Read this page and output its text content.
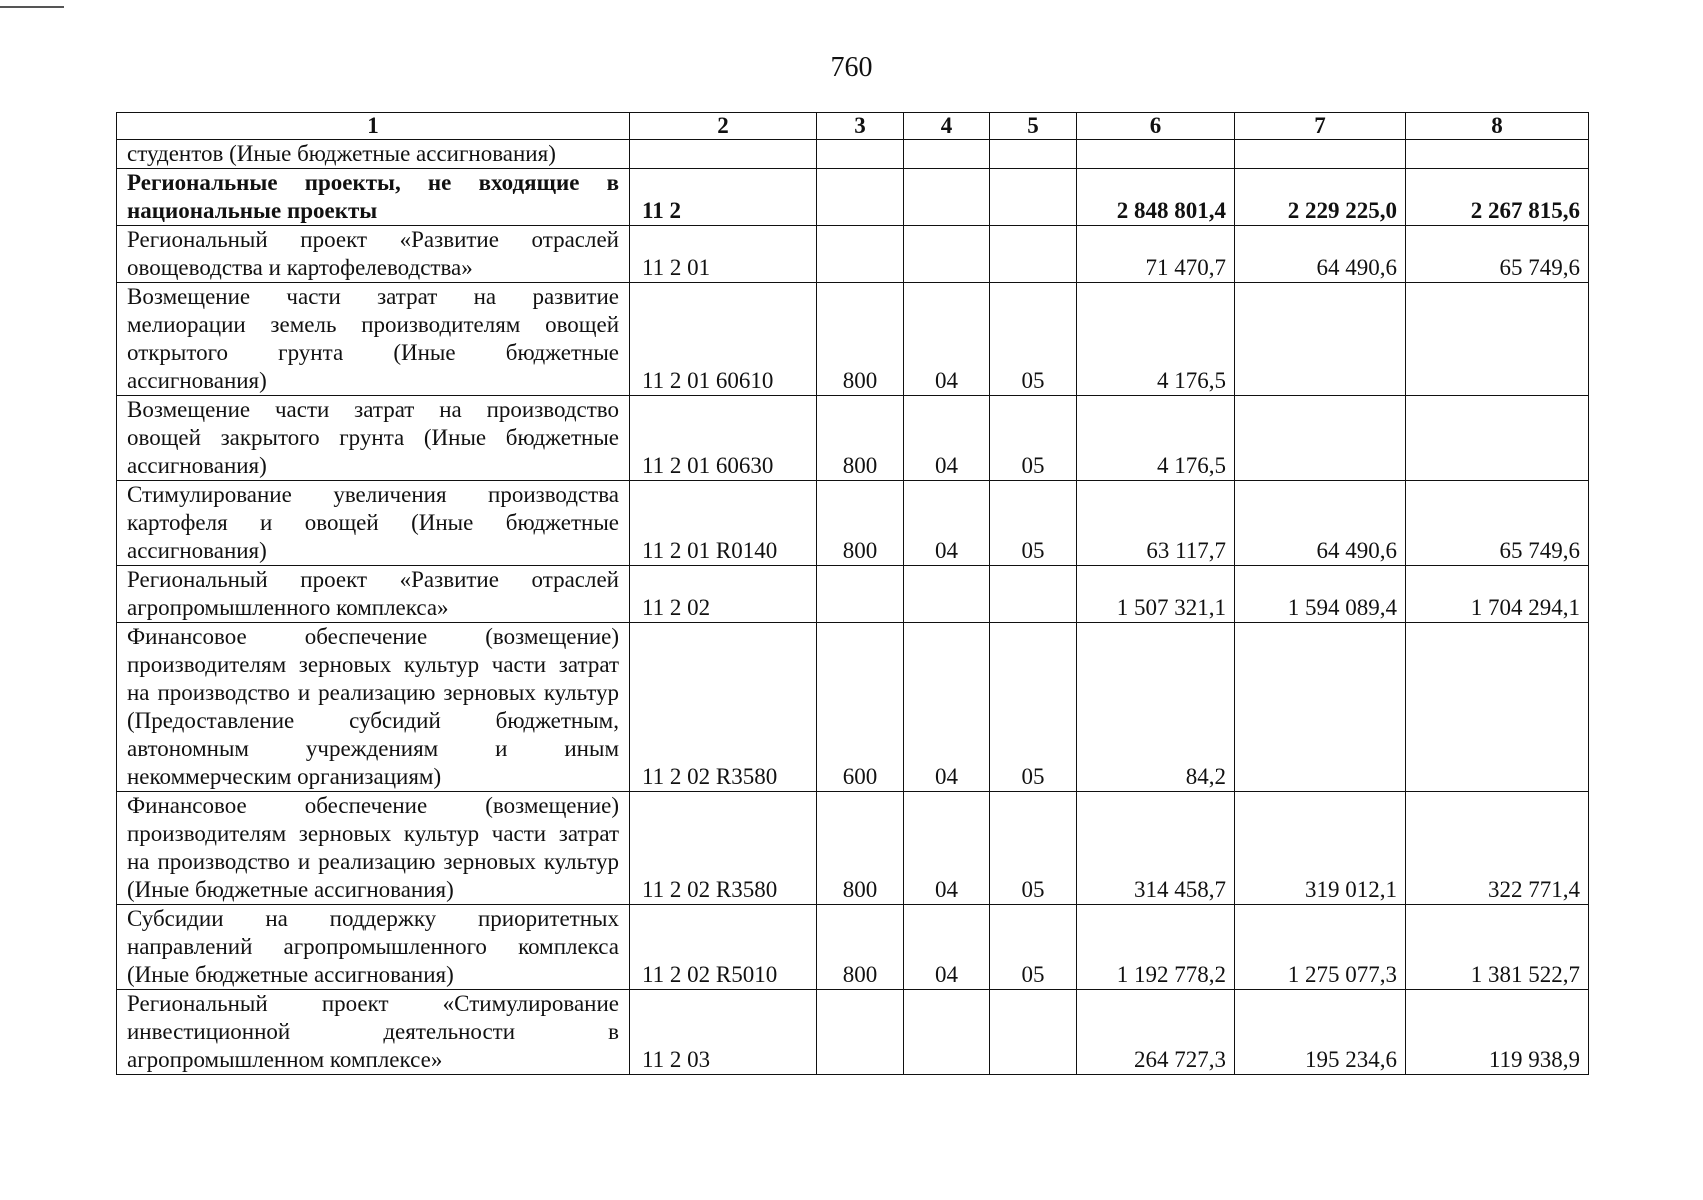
760
1	2	3	4	5	6	7	8
студентов (Иные бюджетные ассигнования)							
Региональные проекты, не входящие в национальные проекты	11 2				2 848 801,4	2 229 225,0	2 267 815,6
Региональный проект «Развитие отраслей овощеводства и картофелеводства»	11 2 01				71 470,7	64 490,6	65 749,6
Возмещение части затрат на развитие мелиорации земель производителям овощей открытого грунта (Иные бюджетные ассигнования)	11 2 01 60610	800	04	05	4 176,5		
Возмещение части затрат на производство овощей закрытого грунта (Иные бюджетные ассигнования)	11 2 01 60630	800	04	05	4 176,5		
Стимулирование увеличения производства картофеля и овощей (Иные бюджетные ассигнования)	11 2 01 R0140	800	04	05	63 117,7	64 490,6	65 749,6
Региональный проект «Развитие отраслей агропромышленного комплекса»	11 2 02				1 507 321,1	1 594 089,4	1 704 294,1
Финансовое обеспечение (возмещение) производителям зерновых культур части затрат на производство и реализацию зерновых культур (Предоставление субсидий бюджетным, автономным учреждениям и иным некоммерческим организациям)	11 2 02 R3580	600	04	05	84,2		
Финансовое обеспечение (возмещение) производителям зерновых культур части затрат на производство и реализацию зерновых культур (Иные бюджетные ассигнования)	11 2 02 R3580	800	04	05	314 458,7	319 012,1	322 771,4
Субсидии на поддержку приоритетных направлений агропромышленного комплекса (Иные бюджетные ассигнования)	11 2 02 R5010	800	04	05	1 192 778,2	1 275 077,3	1 381 522,7
Региональный проект «Стимулирование инвестиционной деятельности в агропромышленном комплексе»	11 2 03				264 727,3	195 234,6	119 938,9
